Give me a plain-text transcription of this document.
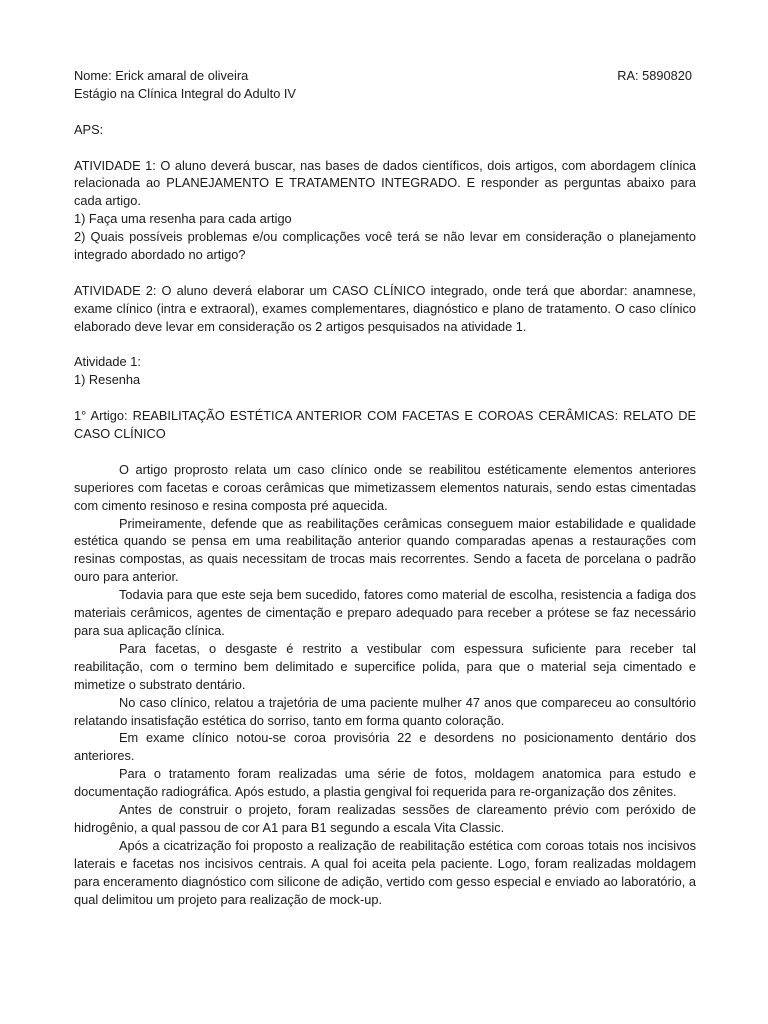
Nome: Erick amaral de oliveira	RA: 5890820

Estágio na Clínica Integral do Adulto IV

APS:

ATIVIDADE 1: O aluno deverá buscar, nas bases de dados científicos, dois artigos, com abordagem clínica relacionada ao PLANEJAMENTO E TRATAMENTO INTEGRADO. E responder as perguntas abaixo para cada artigo.

1) Faça uma resenha para cada artigo

2) Quais possíveis problemas e/ou complicações você terá se não levar em consideração o planejamento integrado abordado no artigo?

ATIVIDADE 2: O aluno deverá elaborar um CASO CLÍNICO integrado, onde terá que abordar: anamnese, exame clínico (intra e extraoral), exames complementares, diagnóstico e plano de tratamento. O caso clínico elaborado deve levar em consideração os 2 artigos pesquisados na atividade 1.

Atividade 1:

1) Resenha

1° Artigo: REABILITAÇÃO ESTÉTICA ANTERIOR COM FACETAS E COROAS CERÂMICAS: RELATO DE CASO CLÍNICO

O artigo proprosto relata um caso clínico onde se reabilitou estéticamente elementos anteriores superiores com facetas e coroas cerâmicas que mimetizassem elementos naturais, sendo estas cimentadas com cimento resinoso e resina composta pré aquecida.

Primeiramente, defende que as reabilitações cerâmicas conseguem maior estabilidade e qualidade estética quando se pensa em uma reabilitação anterior quando comparadas apenas a restaurações com resinas compostas, as quais necessitam de trocas mais recorrentes. Sendo a faceta de porcelana o padrão ouro para anterior.

Todavia para que este seja bem sucedido, fatores como material de escolha, resistencia a fadiga dos materiais cerâmicos, agentes de cimentação e preparo adequado para receber a prótese se faz necessário para sua aplicação clínica.

Para facetas, o desgaste é restrito a vestibular com espessura suficiente para receber tal reabilitação, com o termino bem delimitado e supercifice polida, para que o material seja cimentado e mimetize o substrato dentário.

No caso clínico, relatou a trajetória de uma paciente mulher 47 anos que compareceu ao consultório relatando insatisfação estética do sorriso, tanto em forma quanto coloração.

Em exame clínico notou-se coroa provisória 22 e desordens no posicionamento dentário dos anteriores.

Para o tratamento foram realizadas uma série de fotos, moldagem anatomica para estudo e documentação radiográfica. Após estudo, a plastia gengival foi requerida para re-organização dos zênites.

Antes de construir o projeto, foram realizadas sessões de clareamento prévio com peróxido de hidrogênio, a qual passou de cor A1 para B1 segundo a escala Vita Classic.

Após a cicatrização foi proposto a realização de reabilitação estética com coroas totais nos incisivos laterais e facetas nos incisivos centrais. A qual foi aceita pela paciente. Logo, foram realizadas moldagem para enceramento diagnóstico com silicone de adição, vertido com gesso especial e enviado ao laboratório, a qual delimitou um projeto para realização de mock-up.
